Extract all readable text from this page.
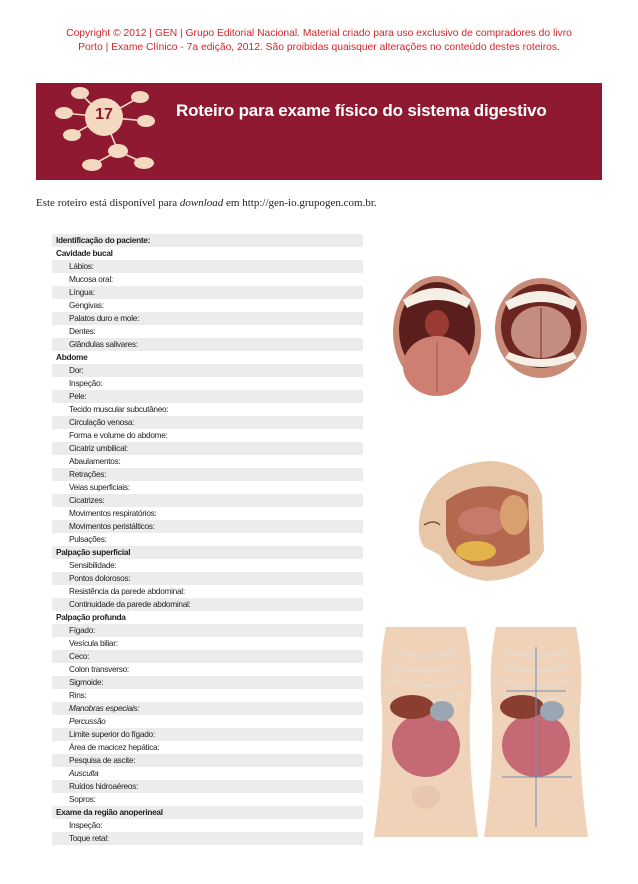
Copyright © 2012 | GEN | Grupo Editorial Nacional. Material criado para uso exclusivo de compradores do livro
Porto | Exame Clínico - 7a edição, 2012. São proibidas quaisquer alterações no conteúdo destes roteiros.
17	Roteiro para exame físico do sistema digestivo
Este roteiro está disponível para download em http://gen-io.grupogen.com.br.
Identificação do paciente:
Cavidade bucal
Lábios:
Mucosa oral:
Língua:
Gengivas:
Palatos duro e mole:
Dentes:
Glândulas salivares:
Abdome
Dor:
Inspeção:
Pele:
Tecido muscular subcutâneo:
Circulação venosa:
Forma e volume do abdome:
Cicatriz umbilical:
Abaulamentos:
Retrações:
Veias superficiais:
Cicatrizes:
Movimentos respiratórios:
Movimentos peristálticos:
Pulsações:
Palpação superficial
Sensibilidade:
Pontos dolorosos:
Resistência da parede abdominal:
Continuidade da parede abdominal:
Palpação profunda
Fígado:
Vesícula biliar:
Ceco:
Colon transverso:
Sigmoide:
Rins:
Manobras especiais:
Percussão
Limite superior do fígado:
Área de macicez hepática:
Pesquisa de ascite:
Ausculta
Ruídos hidroaéreos:
Sopros:
Exame da região anoperineal
Inspeção:
Toque retal:
